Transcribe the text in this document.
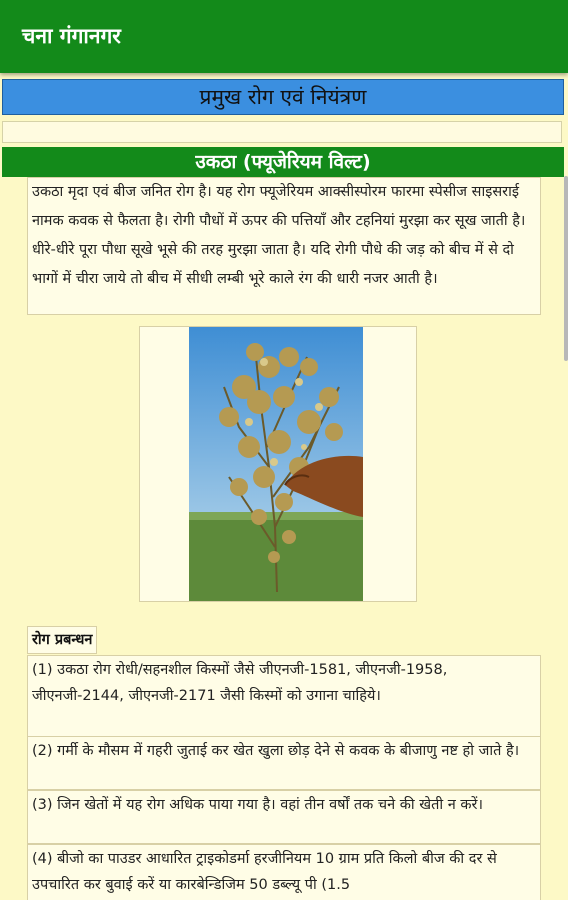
चना गंगानगर
प्रमुख रोग एवं नियंत्रण
उकठा (फ्यूजेरियम विल्ट)
उकठा मृदा एवं बीज जनित रोग है। यह रोग फ्यूजेरियम आक्सीस्पोरम फारमा स्पेसीज साइसराई नामक कवक से फैलता है। रोगी पौधों में ऊपर की पत्तियाँ और टहनियां मुरझा कर सूख जाती है। धीरे-धीरे पूरा पौधा सूखे भूसे की तरह मुरझा जाता है। यदि रोगी पौधे की जड़ को बीच में से दो भागों में चीरा जाये तो बीच में सीधी लम्बी भूरे काले रंग की धारी नजर आती है।
रोग प्रबन्धन
(1) उकठा रोग रोधी/सहनशील किस्मों जैसे जीएनजी-1581, जीएनजी-1958, जीएनजी-2144, जीएनजी-2171 जैसी किस्मों को उगाना चाहिये।
(2) गर्मी के मौसम में गहरी जुताई कर खेत खुला छोड़ देने से कवक के बीजाणु नष्ट हो जाते है।
(3) जिन खेतों में यह रोग अधिक पाया गया है। वहां तीन वर्षों तक चने की खेती न करें।
(4) बीजो का पाउडर आधारित ट्राइकोडर्मा हरजीनियम 10 ग्राम प्रति किलो बीज की दर से उपचारित कर बुवाई करें या कारबेन्डिजिम 50 डब्ल्यू पी (1.5
